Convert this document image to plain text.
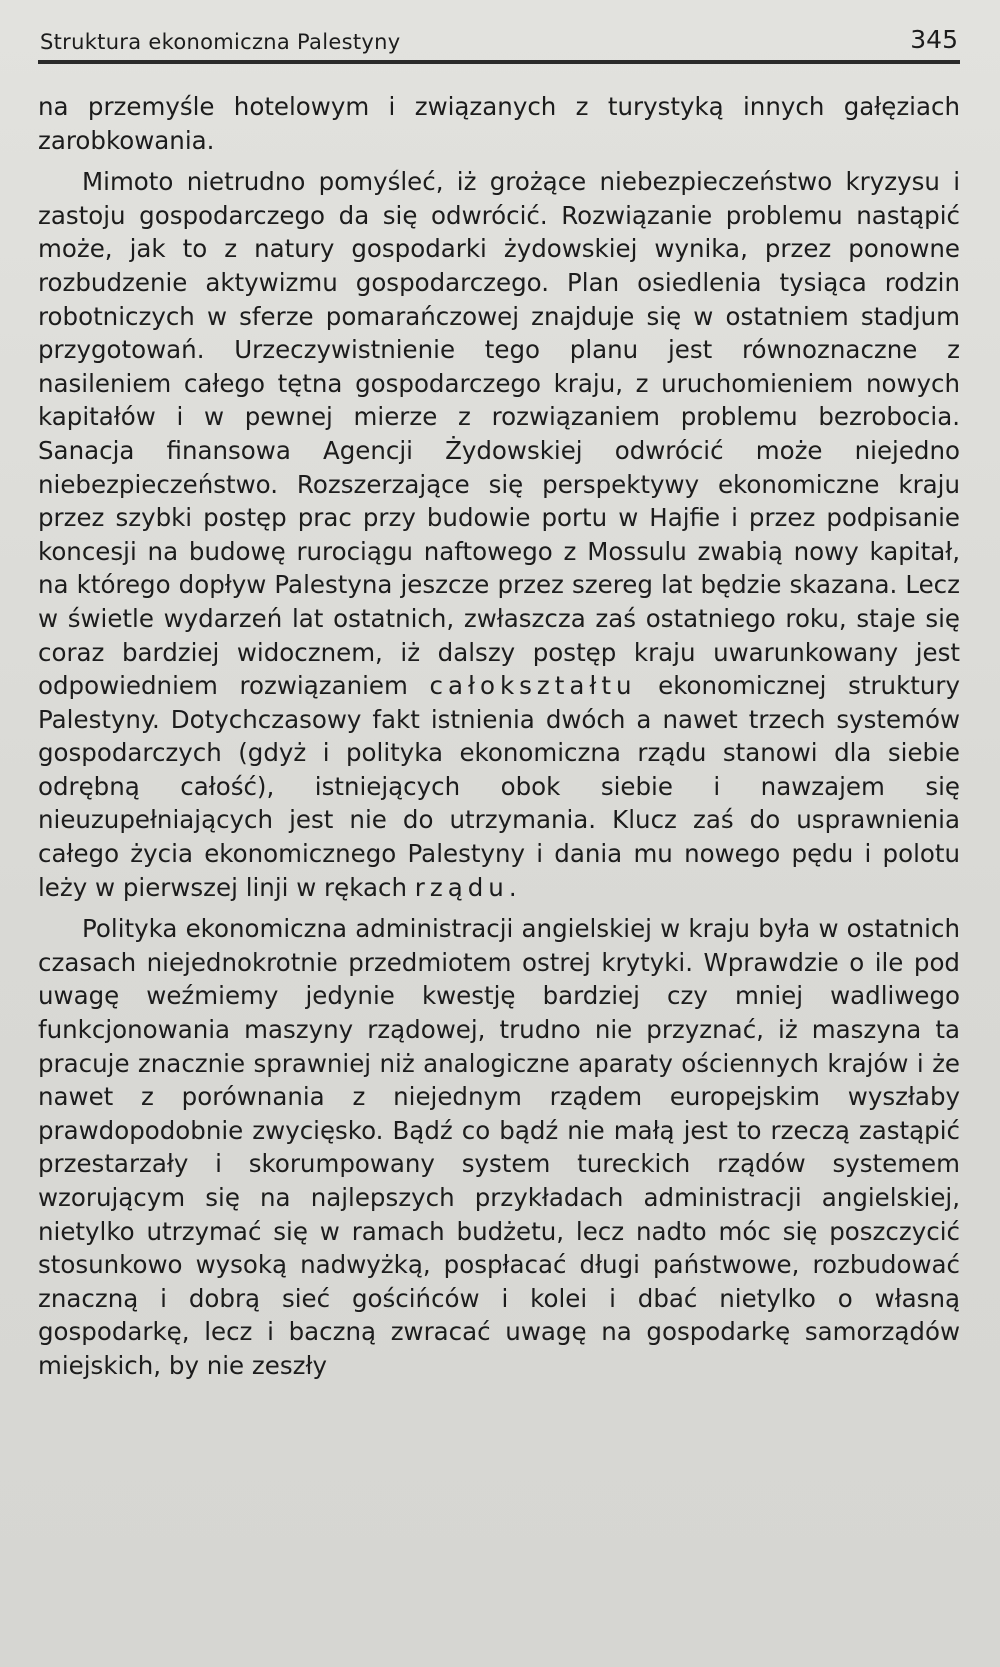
Struktura ekonomiczna Palestyny	345

na przemyśle hotelowym i związanych z turystyką innych gałęziach zarobkowania.

Mimoto nietrudno pomyśleć, iż grożące niebezpieczeństwo kryzysu i zastoju gospodarczego da się odwrócić. Rozwiązanie problemu nastąpić może, jak to z natury gospodarki żydowskiej wynika, przez ponowne rozbudzenie aktywizmu gospodarczego. Plan osiedlenia tysiąca rodzin robotniczych w sferze pomarańczowej znajduje się w ostatniem stadjum przygotowań. Urzeczywistnienie tego planu jest równoznaczne z nasileniem całego tętna gospodarczego kraju, z uruchomieniem nowych kapitałów i w pewnej mierze z rozwiązaniem problemu bezrobocia. Sanacja finansowa Agencji Żydowskiej odwrócić może niejedno niebezpieczeństwo. Rozszerzające się perspektywy ekonomiczne kraju przez szybki postęp prac przy budowie portu w Hajfie i przez podpisanie koncesji na budowę rurociągu naftowego z Mossulu zwabią nowy kapitał, na którego dopływ Palestyna jeszcze przez szereg lat będzie skazana. Lecz w świetle wydarzeń lat ostatnich, zwłaszcza zaś ostatniego roku, staje się coraz bardziej widocznem, iż dalszy postęp kraju uwarunkowany jest odpowiedniem rozwiązaniem całokształtu ekonomicznej struktury Palestyny. Dotychczasowy fakt istnienia dwóch a nawet trzech systemów gospodarczych (gdyż i polityka ekonomiczna rządu stanowi dla siebie odrębną całość), istniejących obok siebie i nawzajem się nieuzupełniających jest nie do utrzymania. Klucz zaś do usprawnienia całego życia ekonomicznego Palestyny i dania mu nowego pędu i polotu leży w pierwszej linji w rękach rządu.

Polityka ekonomiczna administracji angielskiej w kraju była w ostatnich czasach niejednokrotnie przedmiotem ostrej krytyki. Wprawdzie o ile pod uwagę weźmiemy jedynie kwestję bardziej czy mniej wadliwego funkcjonowania maszyny rządowej, trudno nie przyznać, iż maszyna ta pracuje znacznie sprawniej niż analogiczne aparaty ościennych krajów i że nawet z porównania z niejednym rządem europejskim wyszłaby prawdopodobnie zwycięsko. Bądź co bądź nie małą jest to rzeczą zastąpić przestarzały i skorumpowany system tureckich rządów systemem wzorującym się na najlepszych przykładach administracji angielskiej, nietylko utrzymać się w ramach budżetu, lecz nadto móc się poszczycić stosunkowo wysoką nadwyżką, pospłacać długi państwowe, rozbudować znaczną i dobrą sieć gościńców i kolei i dbać nietylko o własną gospodarkę, lecz i baczną zwracać uwagę na gospodarkę samorządów miejskich, by nie zeszły
